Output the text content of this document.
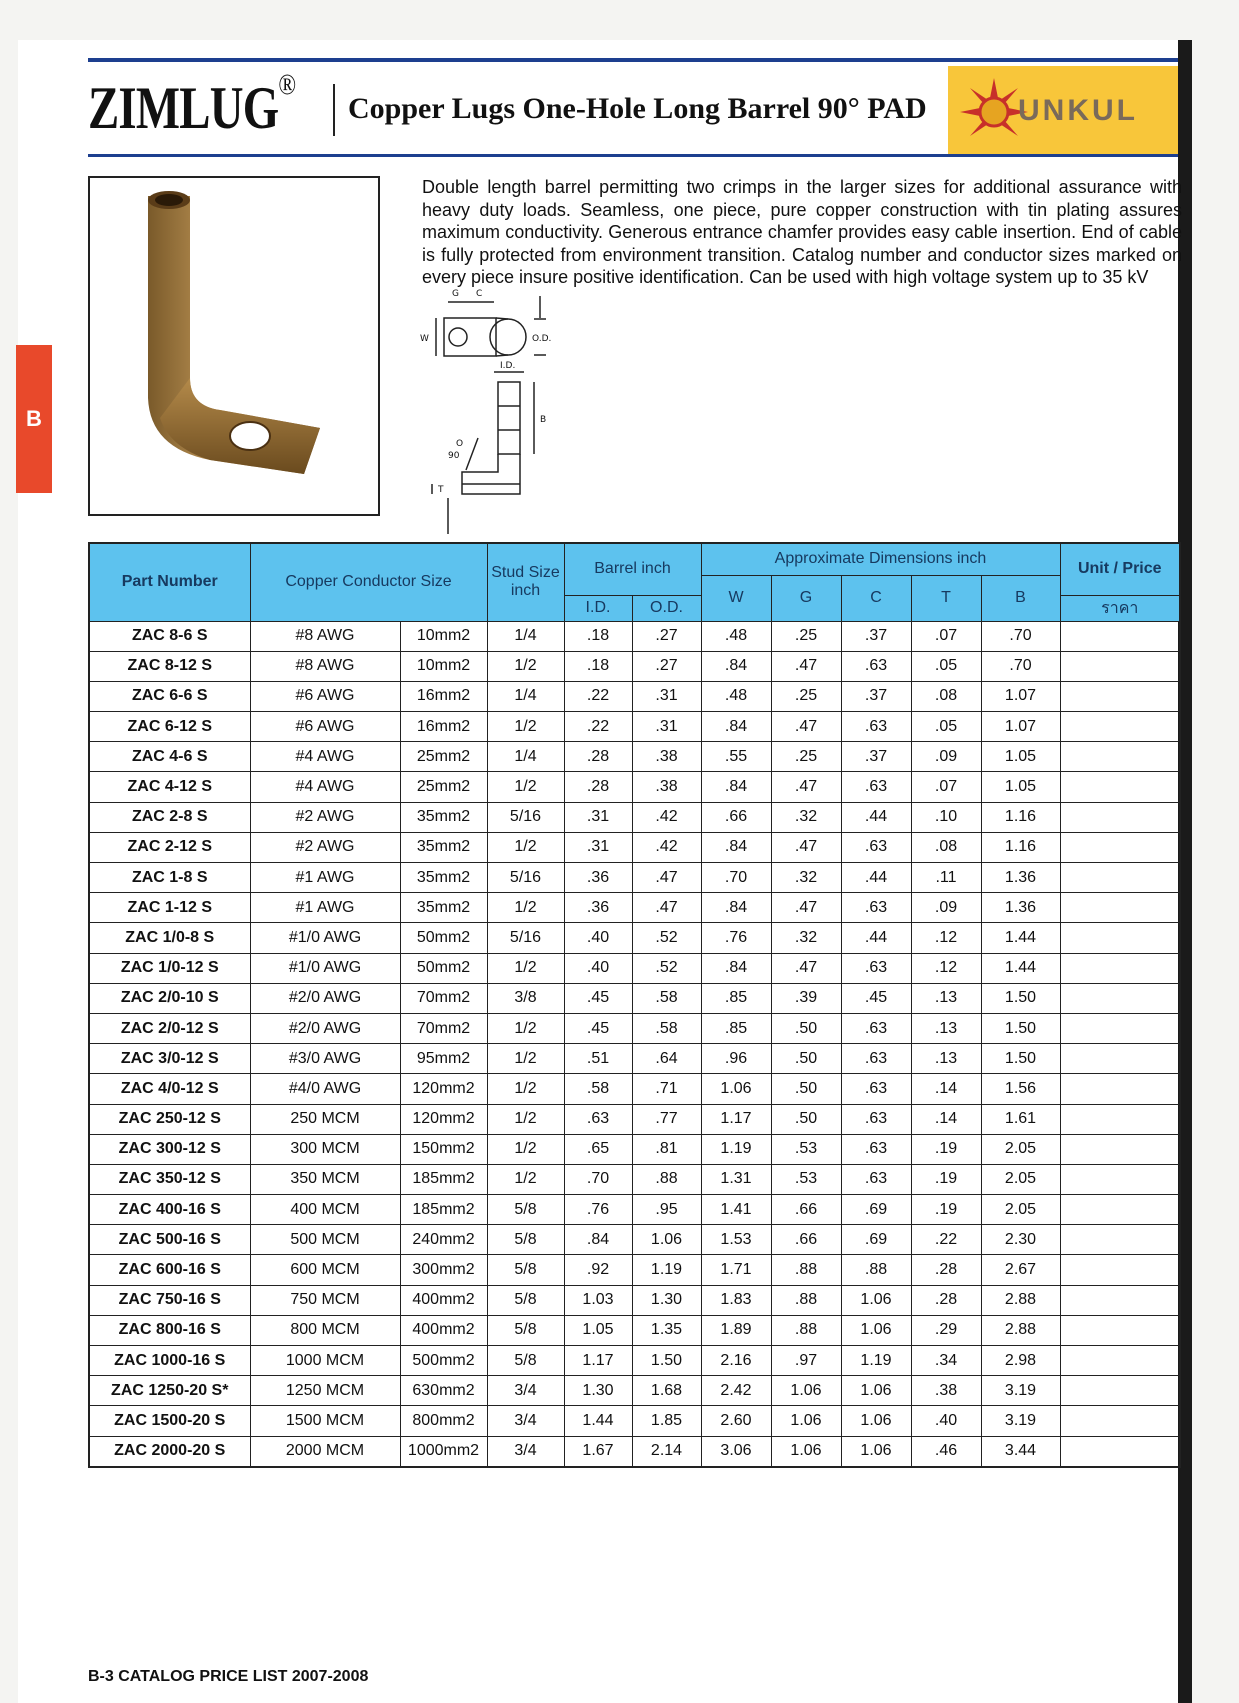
ZIMLUG®
Copper Lugs One-Hole Long Barrel 90° PAD	UNKUL
B
Double length barrel permitting two crimps in the larger sizes for additional assurance with heavy duty loads. Seamless, one piece, pure copper construction with tin plating assures maximum conductivity. Generous entrance chamfer provides easy cable insertion. End of cable is fully protected from environment transition. Catalog number and conductor sizes marked on every piece insure positive identification. Can be used with high voltage system up to 35 kV
G C
W	O.D.
I.D.
B
O
90
T
Part Number	Copper Conductor Size		Stud Size inch	Barrel inch		Approximate Dimensions inch					Unit / Price
						W	G	C	T	B	
				I.D.	O.D.						ราคา
ZAC 8-6 S	#8 AWG	10mm2	1/4	.18	.27	.48	.25	.37	.07	.70	
ZAC 8-12 S	#8 AWG	10mm2	1/2	.18	.27	.84	.47	.63	.05	.70	
ZAC 6-6 S	#6 AWG	16mm2	1/4	.22	.31	.48	.25	.37	.08	1.07	
ZAC 6-12 S	#6 AWG	16mm2	1/2	.22	.31	.84	.47	.63	.05	1.07	
ZAC 4-6 S	#4 AWG	25mm2	1/4	.28	.38	.55	.25	.37	.09	1.05	
ZAC 4-12 S	#4 AWG	25mm2	1/2	.28	.38	.84	.47	.63	.07	1.05	
ZAC 2-8 S	#2 AWG	35mm2	5/16	.31	.42	.66	.32	.44	.10	1.16	
ZAC 2-12 S	#2 AWG	35mm2	1/2	.31	.42	.84	.47	.63	.08	1.16	
ZAC 1-8 S	#1 AWG	35mm2	5/16	.36	.47	.70	.32	.44	.11	1.36	
ZAC 1-12 S	#1 AWG	35mm2	1/2	.36	.47	.84	.47	.63	.09	1.36	
ZAC 1/0-8 S	#1/0 AWG	50mm2	5/16	.40	.52	.76	.32	.44	.12	1.44	
ZAC 1/0-12 S	#1/0 AWG	50mm2	1/2	.40	.52	.84	.47	.63	.12	1.44	
ZAC 2/0-10 S	#2/0 AWG	70mm2	3/8	.45	.58	.85	.39	.45	.13	1.50	
ZAC 2/0-12 S	#2/0 AWG	70mm2	1/2	.45	.58	.85	.50	.63	.13	1.50	
ZAC 3/0-12 S	#3/0 AWG	95mm2	1/2	.51	.64	.96	.50	.63	.13	1.50	
ZAC 4/0-12 S	#4/0 AWG	120mm2	1/2	.58	.71	1.06	.50	.63	.14	1.56	
ZAC 250-12 S	250 MCM	120mm2	1/2	.63	.77	1.17	.50	.63	.14	1.61	
ZAC 300-12 S	300 MCM	150mm2	1/2	.65	.81	1.19	.53	.63	.19	2.05	
ZAC 350-12 S	350 MCM	185mm2	1/2	.70	.88	1.31	.53	.63	.19	2.05	
ZAC 400-16 S	400 MCM	185mm2	5/8	.76	.95	1.41	.66	.69	.19	2.05	
ZAC 500-16 S	500 MCM	240mm2	5/8	.84	1.06	1.53	.66	.69	.22	2.30	
ZAC 600-16 S	600 MCM	300mm2	5/8	.92	1.19	1.71	.88	.88	.28	2.67	
ZAC 750-16 S	750 MCM	400mm2	5/8	1.03	1.30	1.83	.88	1.06	.28	2.88	
ZAC 800-16 S	800 MCM	400mm2	5/8	1.05	1.35	1.89	.88	1.06	.29	2.88	
ZAC 1000-16 S	1000 MCM	500mm2	5/8	1.17	1.50	2.16	.97	1.19	.34	2.98	
ZAC 1250-20 S*	1250 MCM	630mm2	3/4	1.30	1.68	2.42	1.06	1.06	.38	3.19	
ZAC 1500-20 S	1500 MCM	800mm2	3/4	1.44	1.85	2.60	1.06	1.06	.40	3.19	
ZAC 2000-20 S	2000 MCM	1000mm2	3/4	1.67	2.14	3.06	1.06	1.06	.46	3.44	
B-3 CATALOG PRICE LIST 2007-2008
